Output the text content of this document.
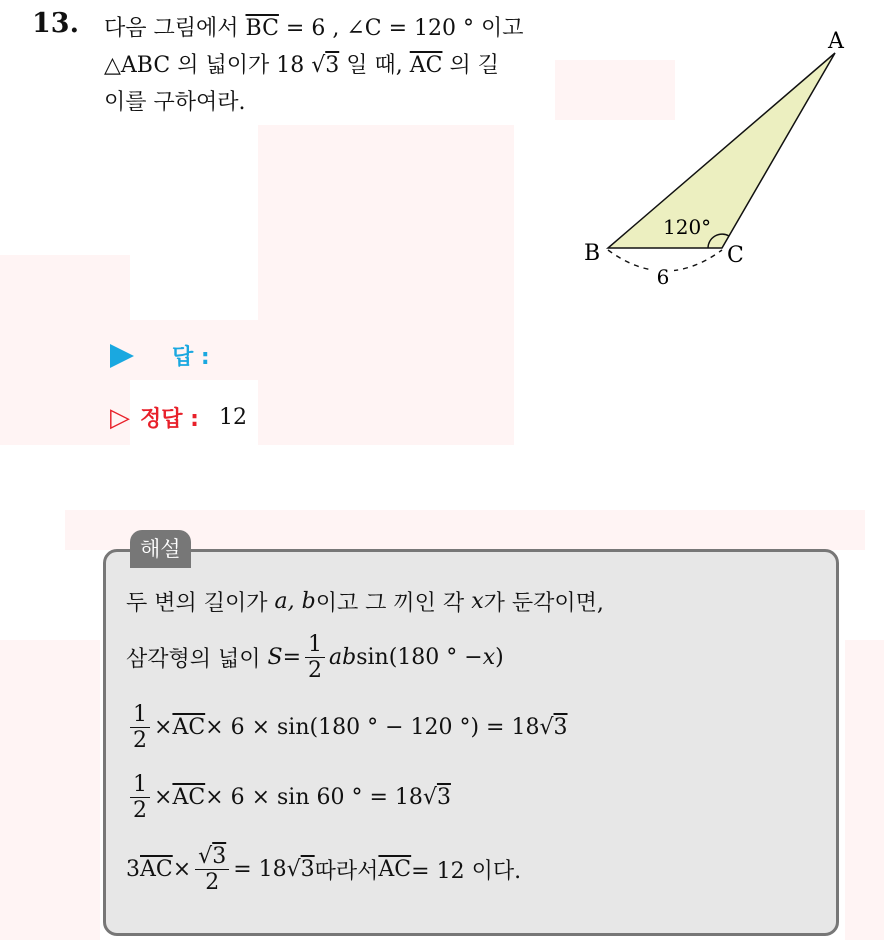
13. 다음 그림에서 $\overline{BC} = 6$ , ∠C = 120 ° 이고
△ABC 의 넓이가 18 √3 일 때, $\overline{AC}$ 의 길
이를 구하여라.
6
120°
A
B	C
답 :
▷ 정답 : 12
해설
두 변의 길이가
a, b 이고 그 끼인 각
x 가 둔각이면,
삼각형의 넓이
$S = \frac{1}{2}$ ab sin(180 ° − x )
$\frac{1}{2} \times \overline{AC} \times 6 \times \sin(180$ ° − 120 °) = 18 √3
$\frac{1}{2} \times \overline{AC} \times 6 \times \sin 60$ ° = 18 √3
3 $\overline{AC} \times \frac{√3}{2} = 18$ √3 따라서 $\overline{AC} = 12$ 이다.
